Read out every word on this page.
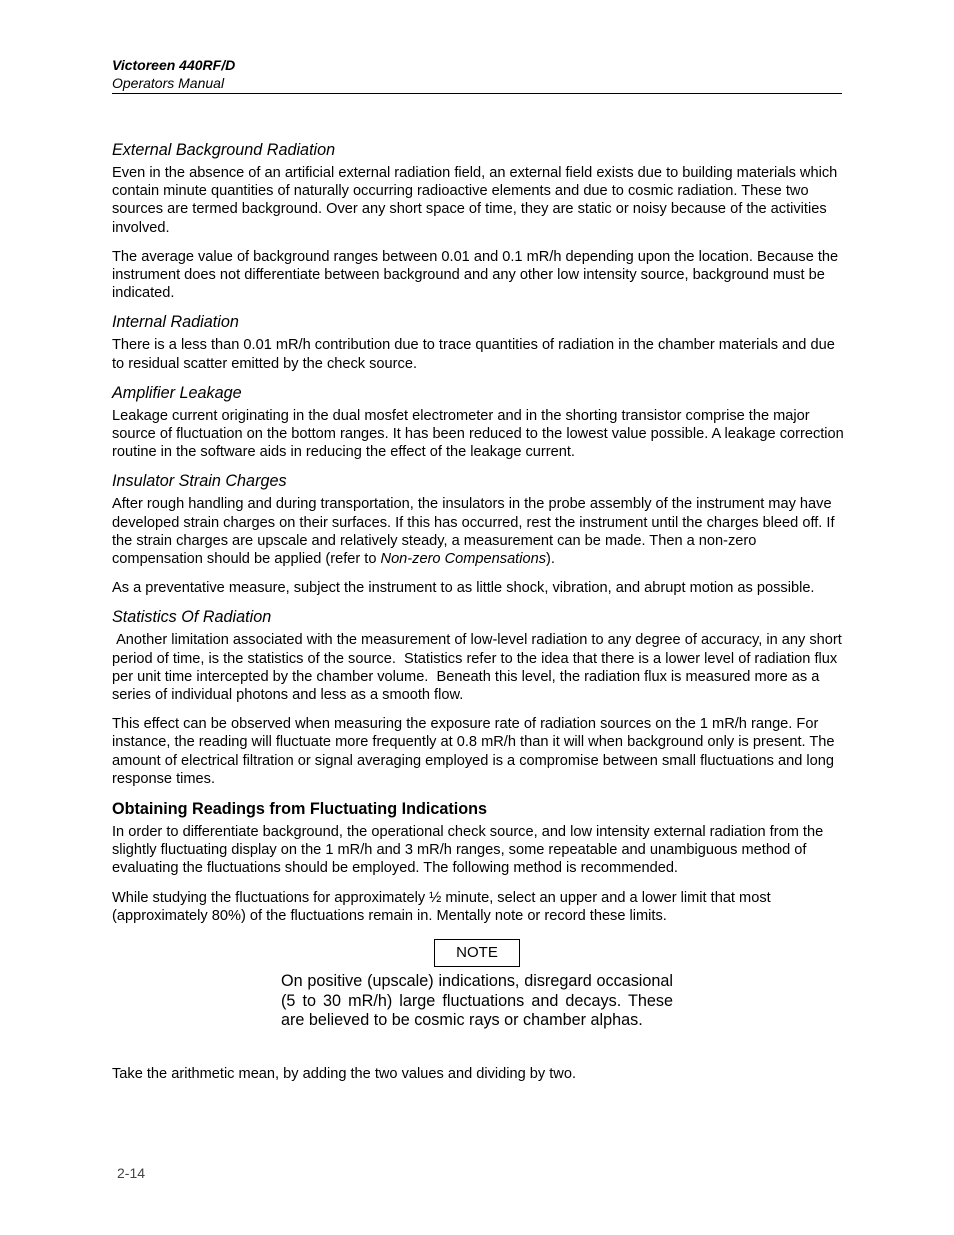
Victoreen 440RF/D
Operators Manual
External Background Radiation

Even in the absence of an artificial external radiation field, an external field exists due to building materials which contain minute quantities of naturally occurring radioactive elements and due to cosmic radiation. These two sources are termed background. Over any short space of time, they are static or noisy because of the activities involved.

The average value of background ranges between 0.01 and 0.1 mR/h depending upon the location. Because the instrument does not differentiate between background and any other low intensity source, background must be indicated.

Internal Radiation

There is a less than 0.01 mR/h contribution due to trace quantities of radiation in the chamber materials and due to residual scatter emitted by the check source.

Amplifier Leakage

Leakage current originating in the dual mosfet electrometer and in the shorting transistor comprise the major source of fluctuation on the bottom ranges. It has been reduced to the lowest value possible. A leakage correction routine in the software aids in reducing the effect of the leakage current.

Insulator Strain Charges

After rough handling and during transportation, the insulators in the probe assembly of the instrument may have developed strain charges on their surfaces. If this has occurred, rest the instrument until the charges bleed off. If the strain charges are upscale and relatively steady, a measurement can be made. Then a non-zero compensation should be applied (refer to Non-zero Compensations).

As a preventative measure, subject the instrument to as little shock, vibration, and abrupt motion as possible.

Statistics Of Radiation

Another limitation associated with the measurement of low-level radiation to any degree of accuracy, in any short period of time, is the statistics of the source.  Statistics refer to the idea that there is a lower level of radiation flux per unit time intercepted by the chamber volume.  Beneath this level, the radiation flux is measured more as a series of individual photons and less as a smooth flow.

This effect can be observed when measuring the exposure rate of radiation sources on the 1 mR/h range. For instance, the reading will fluctuate more frequently at 0.8 mR/h than it will when background only is present. The amount of electrical filtration or signal averaging employed is a compromise between small fluctuations and long response times.

Obtaining Readings from Fluctuating Indications

In order to differentiate background, the operational check source, and low intensity external radiation from the slightly fluctuating display on the 1 mR/h and 3 mR/h ranges, some repeatable and unambiguous method of evaluating the fluctuations should be employed. The following method is recommended.

While studying the fluctuations for approximately ½ minute, select an upper and a lower limit that most (approximately 80%) of the fluctuations remain in. Mentally note or record these limits.

NOTE
On positive (upscale) indications, disregard occasional (5 to 30 mR/h) large fluctuations and decays. These are believed to be cosmic rays or chamber alphas.

Take the arithmetic mean, by adding the two values and dividing by two.

2-14
